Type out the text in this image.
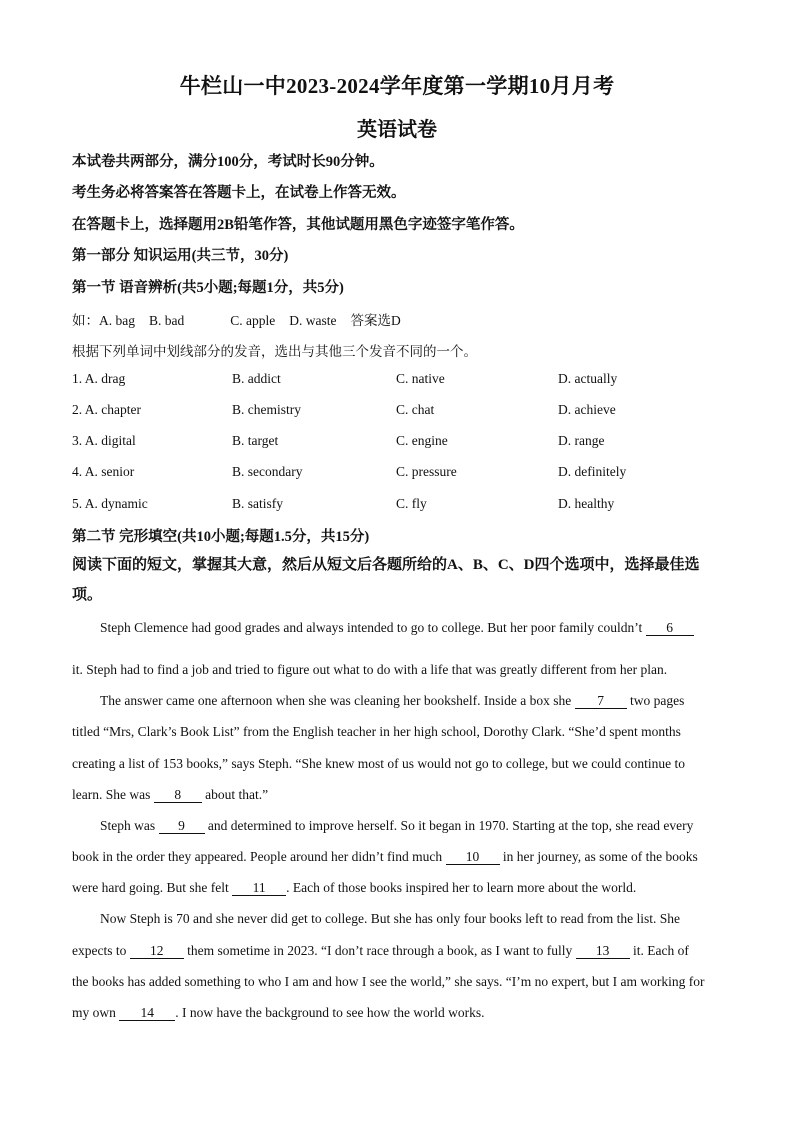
牛栏山一中2023-2024学年度第一学期10月月考
英语试卷
本试卷共两部分，满分100分，考试时长90分钟。
考生务必将答案答在答题卡上，在试卷上作答无效。
在答题卡上，选择题用2B铅笔作答，其他试题用黑色字迹签字笔作答。
第一部分 知识运用(共三节，30分)
第一节 语音辨析(共5小题;每题1分，共5分)
如：A. bag B. bad	C. apple D. waste 答案选D
根据下列单词中划线部分的发音，选出与其他三个发音不同的一个。
1. A. drag	B. addict	C. native	D. actually
2. A. chapter	B. chemistry	C. chat	D. achieve
3. A. digital	B. target	C. engine	D. range
4. A. senior	B. secondary	C. pressure	D. definitely
5. A. dynamic	B. satisfy	C. fly	D. healthy
第二节 完形填空(共10小题;每题1.5分，共15分)
阅读下面的短文，掌握其大意，然后从短文后各题所给的A、B、C、D四个选项中，选择最佳选项。
Steph Clemence had good grades and always intended to go to college. But her poor family couldn’t 6
it. Steph had to find a job and tried to figure out what to do with a life that was greatly different from her plan.
The answer came one afternoon when she was cleaning her bookshelf. Inside a box she 7 two pages
titled “Mrs, Clark’s Book List” from the English teacher in her high school, Dorothy Clark. “She’d spent months
creating a list of 153 books,” says Steph. “She knew most of us would not go to college, but we could continue to
learn. She was 8 about that.”
Steph was 9 and determined to improve herself. So it began in 1970. Starting at the top, she read every
book in the order they appeared. People around her didn’t find much 10 in her journey, as some of the books
were hard going. But she felt 11 . Each of those books inspired her to learn more about the world.
Now Steph is 70 and she never did get to college. But she has only four books left to read from the list. She
expects to 12 them sometime in 2023. “I don’t race through a book, as I want to fully 13 it. Each of
the books has added something to who I am and how I see the world,” she says. “I’m no expert, but I am working for
my own 14 . I now have the background to see how the world works.
